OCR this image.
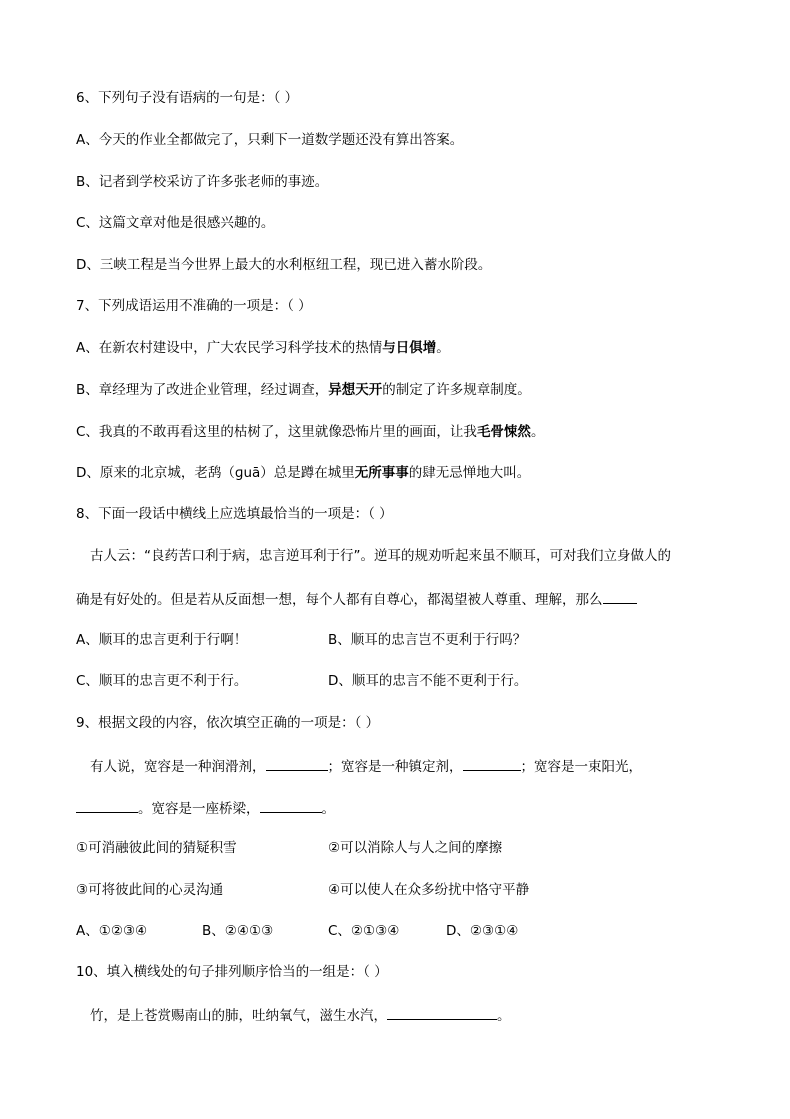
6、下列句子没有语病的一句是：（ ）
A、今天的作业全都做完了，只剩下一道数学题还没有算出答案。
B、记者到学校采访了许多张老师的事迹。
C、这篇文章对他是很感兴趣的。
D、三峡工程是当今世界上最大的水利枢纽工程，现已进入蓄水阶段。
7、下列成语运用不准确的一项是：（ ）
A、在新农村建设中，广大农民学习科学技术的热情与日俱增。
B、章经理为了改进企业管理，经过调查，异想天开的制定了许多规章制度。
C、我真的不敢再看这里的枯树了，这里就像恐怖片里的画面，让我毛骨悚然。
D、原来的北京城，老鸹（ɡuā）总是蹲在城里无所事事的肆无忌惮地大叫。
8、下面一段话中横线上应选填最恰当的一项是：（ ）
古人云：“良药苦口利于病，忠言逆耳利于行”。逆耳的规劝听起来虽不顺耳，可对我们立身做人的
确是有好处的。但是若从反面想一想，每个人都有自尊心，都渴望被人尊重、理解，那么
A、顺耳的忠言更利于行啊！	B、顺耳的忠言岂不更利于行吗？
C、顺耳的忠言更不利于行。	D、顺耳的忠言不能不更利于行。
9、根据文段的内容，依次填空正确的一项是：（ ）
有人说，宽容是一种润滑剂，	；宽容是一种镇定剂，	；宽容是一束阳光，
。宽容是一座桥梁，	。
①可消融彼此间的猜疑积雪	②可以消除人与人之间的摩擦
③可将彼此间的心灵沟通	④可以使人在众多纷扰中恪守平静
A、①②③④	B、②④①③	C、②①③④	D、②③①④
10、填入横线处的句子排列顺序恰当的一组是：（ ）
竹，是上苍赏赐南山的肺，吐纳氧气，滋生水汽，	。
